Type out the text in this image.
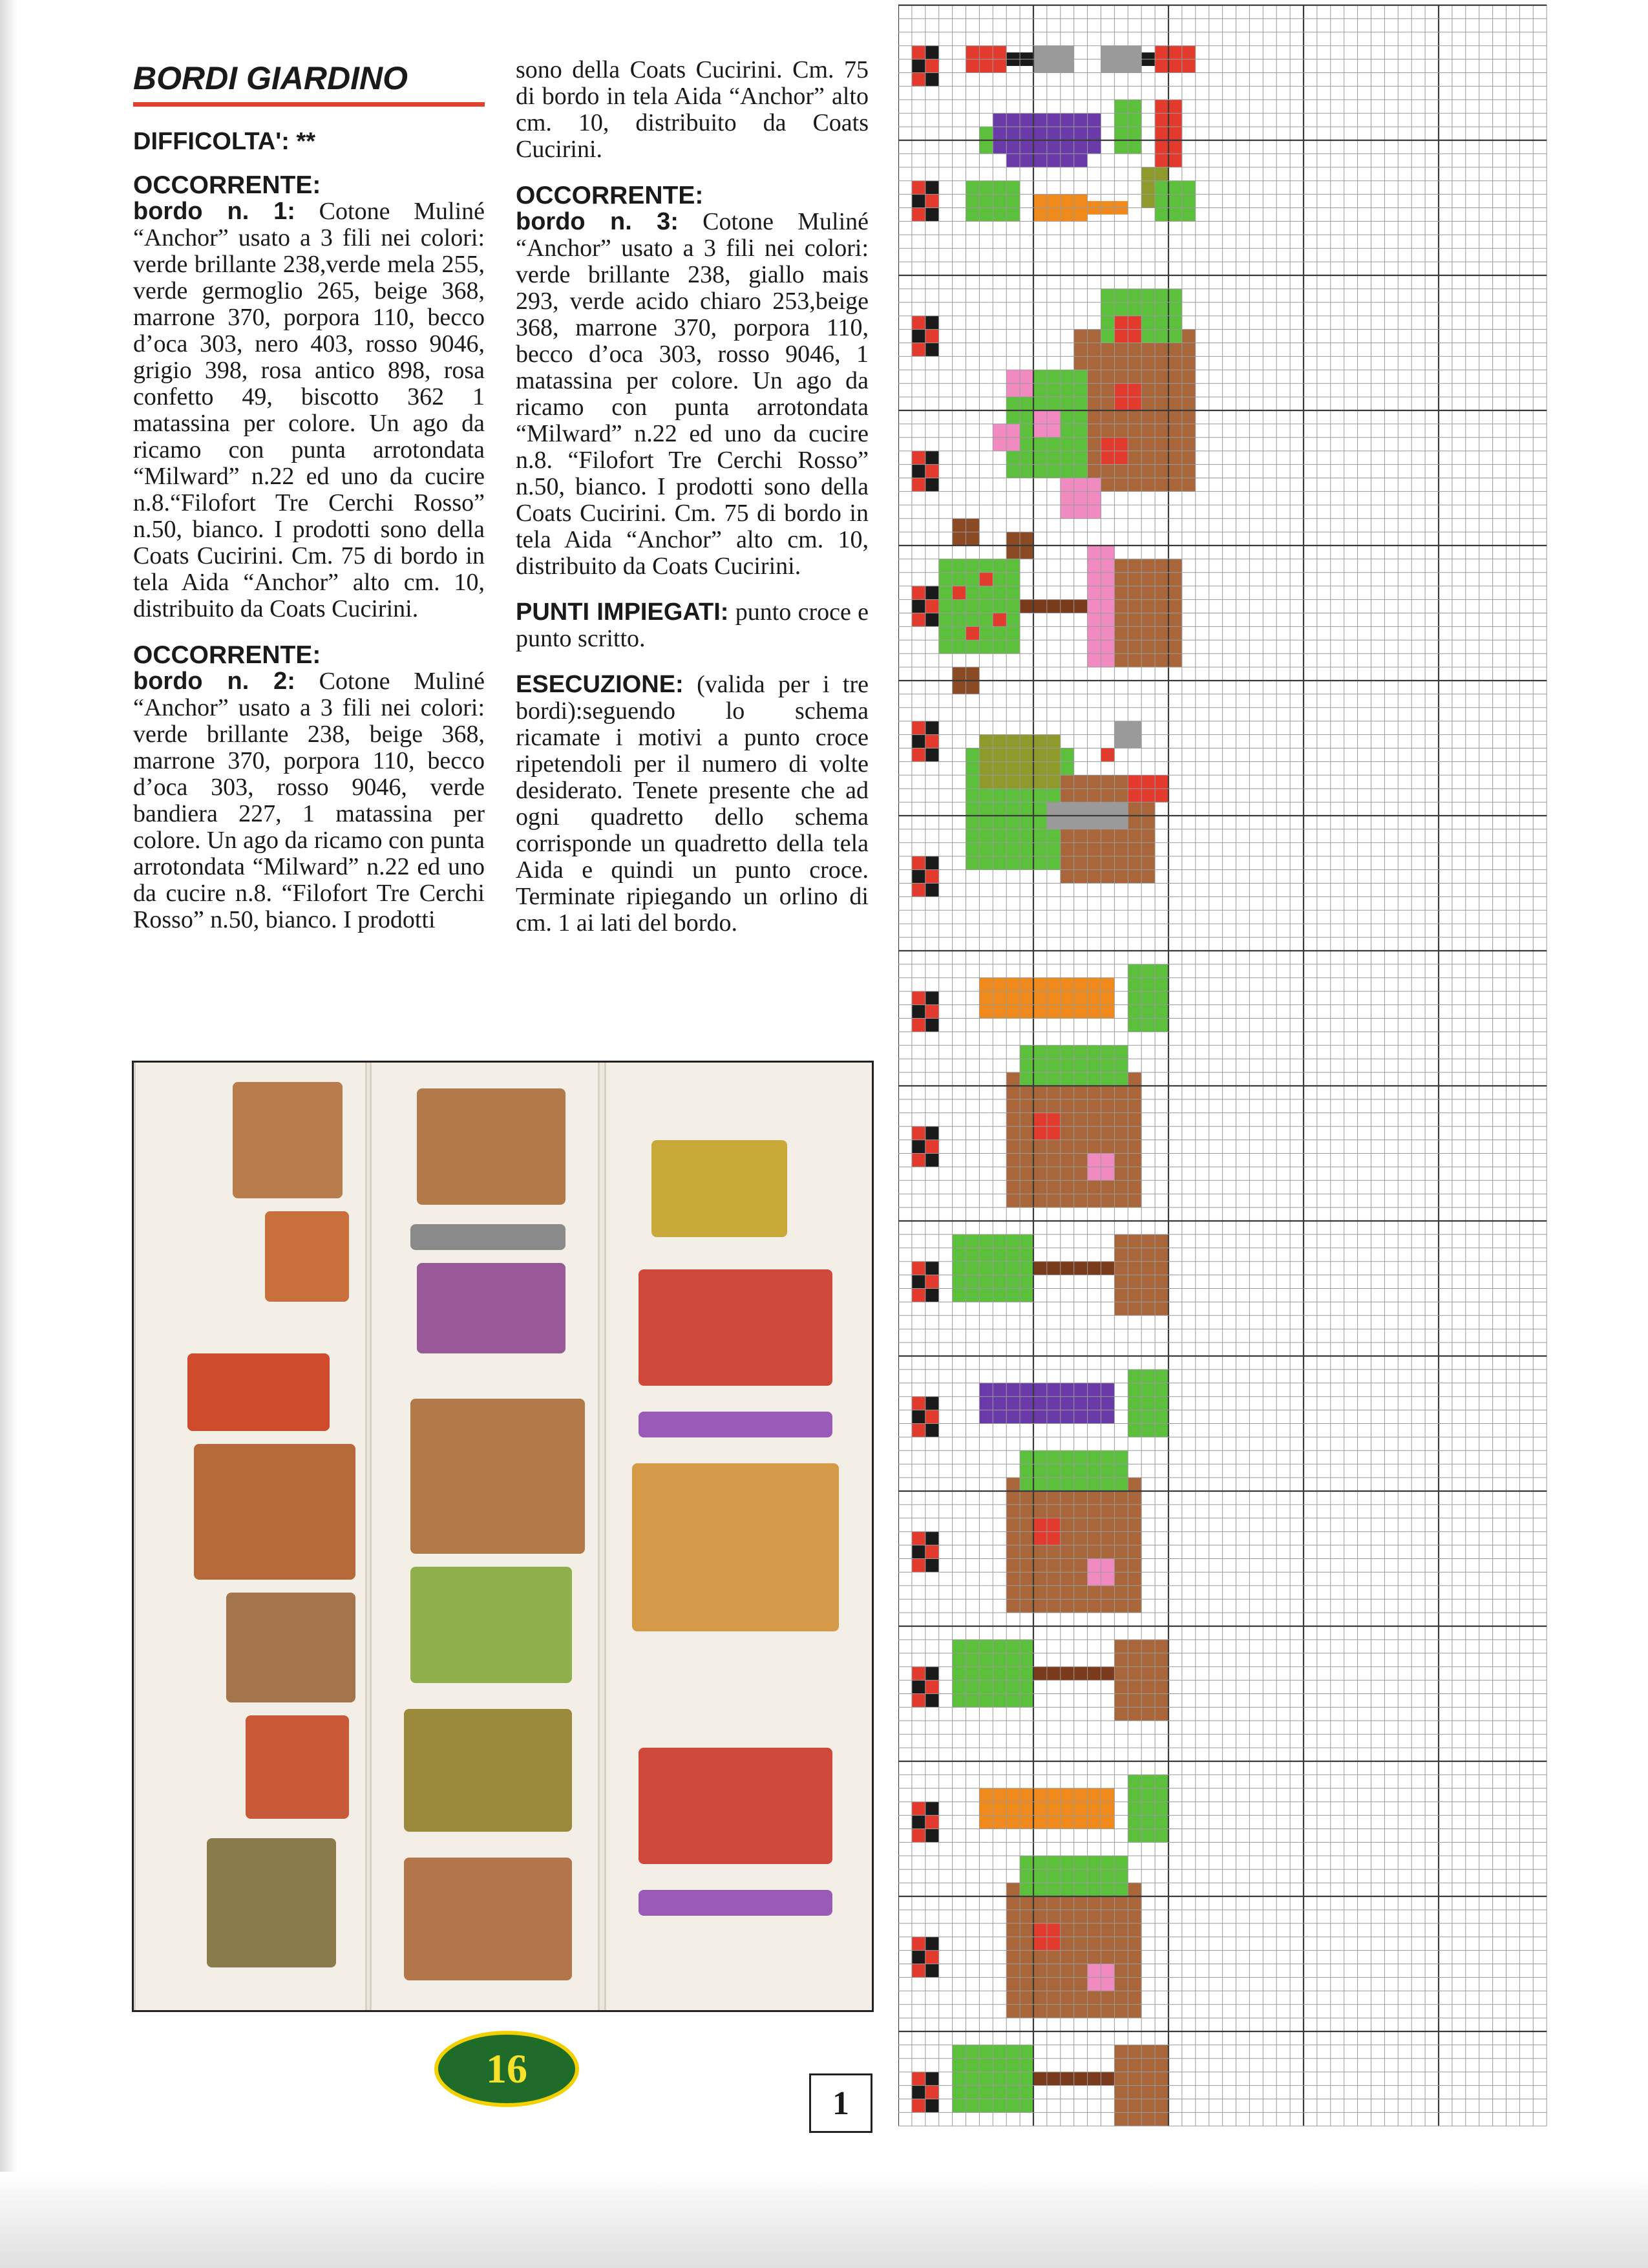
BORDI GIARDINO
DIFFICOLTA': **

OCCORRENTE:

bordo n. 1: Cotone Muliné “Anchor” usato a 3 fili nei colori: verde brillante 238,verde mela 255, verde germoglio 265, beige 368, marrone 370, porpora 110, becco d’oca 303, nero 403, rosso 9046, grigio 398, rosa antico 898, rosa confetto 49, biscotto 362 1 matassina per colore. Un ago da ricamo con punta arrotondata “Milward” n.22 ed uno da cucire n.8.“Filofort Tre Cerchi Rosso” n.50, bianco. I prodotti sono della Coats Cucirini. Cm. 75 di bordo in tela Aida “Anchor” alto cm. 10, distribuito da Coats Cucirini.

OCCORRENTE:

bordo n. 2: Cotone Muliné “Anchor” usato a 3 fili nei colori: verde brillante 238, beige 368, marrone 370, porpora 110, becco d’oca 303, rosso 9046, verde bandiera 227, 1 matassina per colore. Un ago da ricamo con punta arrotondata “Milward” n.22 ed uno da cucire n.8. “Filofort Tre Cerchi Rosso” n.50, bianco. I prodotti

sono della Coats Cucirini. Cm. 75 di bordo in tela Aida “Anchor” alto cm. 10, distribuito da Coats Cucirini.

OCCORRENTE:

bordo n. 3: Cotone Muliné “Anchor” usato a 3 fili nei colori: verde brillante 238, giallo mais 293, verde acido chiaro 253,beige 368, marrone 370, porpora 110, becco d’oca 303, rosso 9046, 1 matassina per colore. Un ago da ricamo con punta arrotondata “Milward” n.22 ed uno da cucire n.8. “Filofort Tre Cerchi Rosso” n.50, bianco. I prodotti sono della Coats Cucirini. Cm. 75 di bordo in tela Aida “Anchor” alto cm. 10, distribuito da Coats Cucirini.

PUNTI IMPIEGATI: punto croce e punto scritto.

ESECUZIONE: (valida per i tre bordi):seguendo lo schema ricamate i motivi a punto croce ripetendoli per il numero di volte desiderato. Tenete presente che ad ogni quadretto dello schema corrisponde un quadretto della tela Aida e quindi un punto croce. Terminate ripiegando un orlino di cm. 1 ai lati del bordo.

16
1
